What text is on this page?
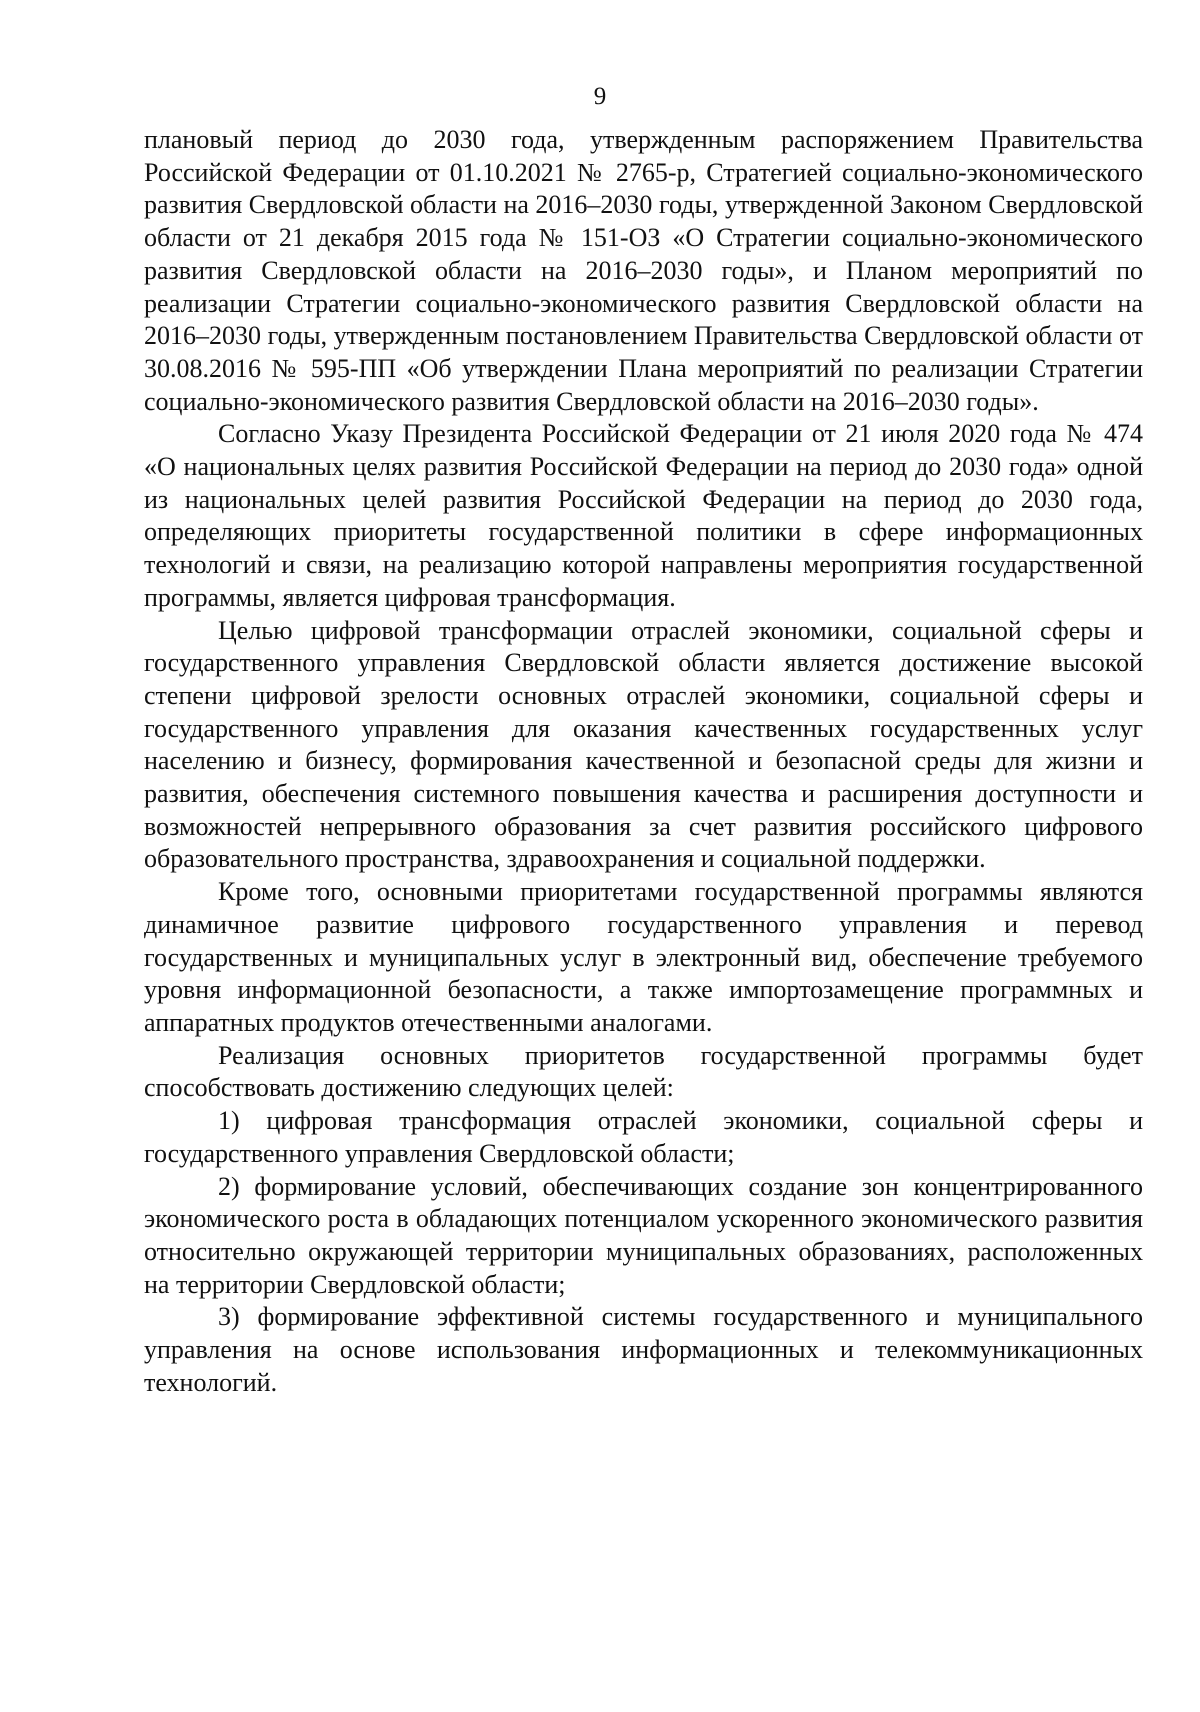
9

плановый период до 2030 года, утвержденным распоряжением Правительства Российской Федерации от 01.10.2021 № 2765-р, Стратегией социально-экономического развития Свердловской области на 2016–2030 годы, утвержденной Законом Свердловской области от 21 декабря 2015 года № 151-ОЗ «О Стратегии социально-экономического развития Свердловской области на 2016–2030 годы», и Планом мероприятий по реализации Стратегии социально-экономического развития Свердловской области на 2016–2030 годы, утвержденным постановлением Правительства Свердловской области от 30.08.2016 № 595-ПП «Об утверждении Плана мероприятий по реализации Стратегии социально-экономического развития Свердловской области на 2016–2030 годы».

Согласно Указу Президента Российской Федерации от 21 июля 2020 года № 474 «О национальных целях развития Российской Федерации на период до 2030 года» одной из национальных целей развития Российской Федерации на период до 2030 года, определяющих приоритеты государственной политики в сфере информационных технологий и связи, на реализацию которой направлены мероприятия государственной программы, является цифровая трансформация.

Целью цифровой трансформации отраслей экономики, социальной сферы и государственного управления Свердловской области является достижение высокой степени цифровой зрелости основных отраслей экономики, социальной сферы и государственного управления для оказания качественных государственных услуг населению и бизнесу, формирования качественной и безопасной среды для жизни и развития, обеспечения системного повышения качества и расширения доступности и возможностей непрерывного образования за счет развития российского цифрового образовательного пространства, здравоохранения и социальной поддержки.

Кроме того, основными приоритетами государственной программы являются динамичное развитие цифрового государственного управления и перевод государственных и муниципальных услуг в электронный вид, обеспечение требуемого уровня информационной безопасности, а также импортозамещение программных и аппаратных продуктов отечественными аналогами.

Реализация основных приоритетов государственной программы будет способствовать достижению следующих целей:

1) цифровая трансформация отраслей экономики, социальной сферы и государственного управления Свердловской области;

2) формирование условий, обеспечивающих создание зон концентрированного экономического роста в обладающих потенциалом ускоренного экономического развития относительно окружающей территории муниципальных образованиях, расположенных на территории Свердловской области;

3) формирование эффективной системы государственного и муниципального управления на основе использования информационных и телекоммуникационных технологий.
